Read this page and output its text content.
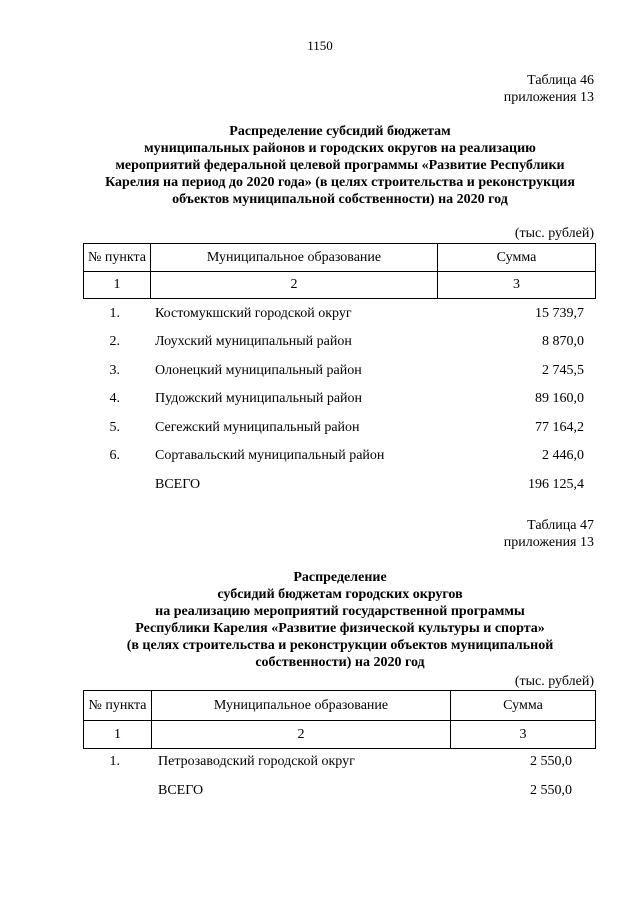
1150
Таблица 46
приложения 13
Распределение субсидий бюджетам
муниципальных районов и городских округов на реализацию
мероприятий федеральной целевой программы «Развитие Республики
Карелия на период до 2020 года» (в целях строительства и реконструкция
объектов муниципальной собственности) на 2020 год
(тыс. рублей)
№ пункта	Муниципальное образование	Сумма
1	2	3
1.	Костомукшский городской округ	15 739,7
2.	Лоухский муниципальный район	8 870,0
3.	Олонецкий муниципальный район	2 745,5
4.	Пудожский муниципальный район	89 160,0
5.	Сегежский муниципальный район	77 164,2
6.	Сортавальский муниципальный район	2 446,0
ВСЕГО	196 125,4
Таблица 47
приложения 13
Распределение
субсидий бюджетам городских округов
на реализацию мероприятий государственной программы
Республики Карелия «Развитие физической культуры и спорта»
(в целях строительства и реконструкции объектов муниципальной
собственности) на 2020 год
(тыс. рублей)
№ пункта	Муниципальное образование	Сумма
1	2	3
1.	Петрозаводский городской округ	2 550,0
ВСЕГО	2 550,0
